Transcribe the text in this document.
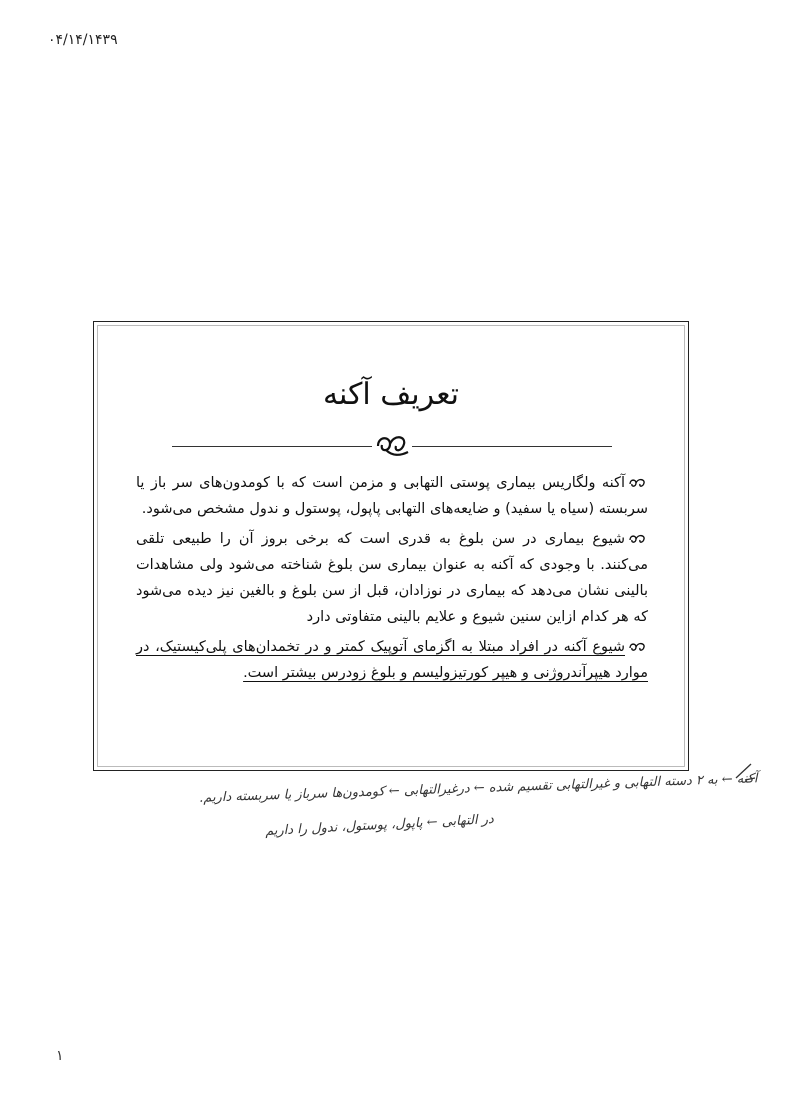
۰۴/۱۴/۱۴۳۹
تعریف آکنه

آکنه ولگاریس بیماری پوستی التهابی و مزمن است که با کومدون‌های سر باز یا سربسته (سیاه یا سفید) و ضایعه‌های التهابی پاپول، پوستول و ندول مشخص می‌شود.

شیوع بیماری در سن بلوغ به قدری است که برخی بروز آن را طبیعی تلقی می‌کنند. با وجودی که آکنه به عنوان بیماری سن بلوغ شناخته می‌شود ولی مشاهدات بالینی نشان می‌دهد که بیماری در نوزادان، قبل از سن بلوغ و بالغین نیز دیده می‌شود که هر کدام ازاین سنین شیوع و علایم بالینی متفاوتی دارد

شیوع آکنه در افراد مبتلا به اگزمای آتوپیک کمتر و در تخمدان‌های پلی‌کیستیک، در موارد هیپرآندروژنی و هیپر کورتیزولیسم و بلوغ زودرس بیشتر است.

آکنه ← به ۲ دسته التهابی و غیرالتهابی تقسیم شده ← درغیرالتهابی ← کومدون‌ها سرباز یا سربسته داریم.
در التهابی ← پاپول، پوستول، ندول را داریم
۱
